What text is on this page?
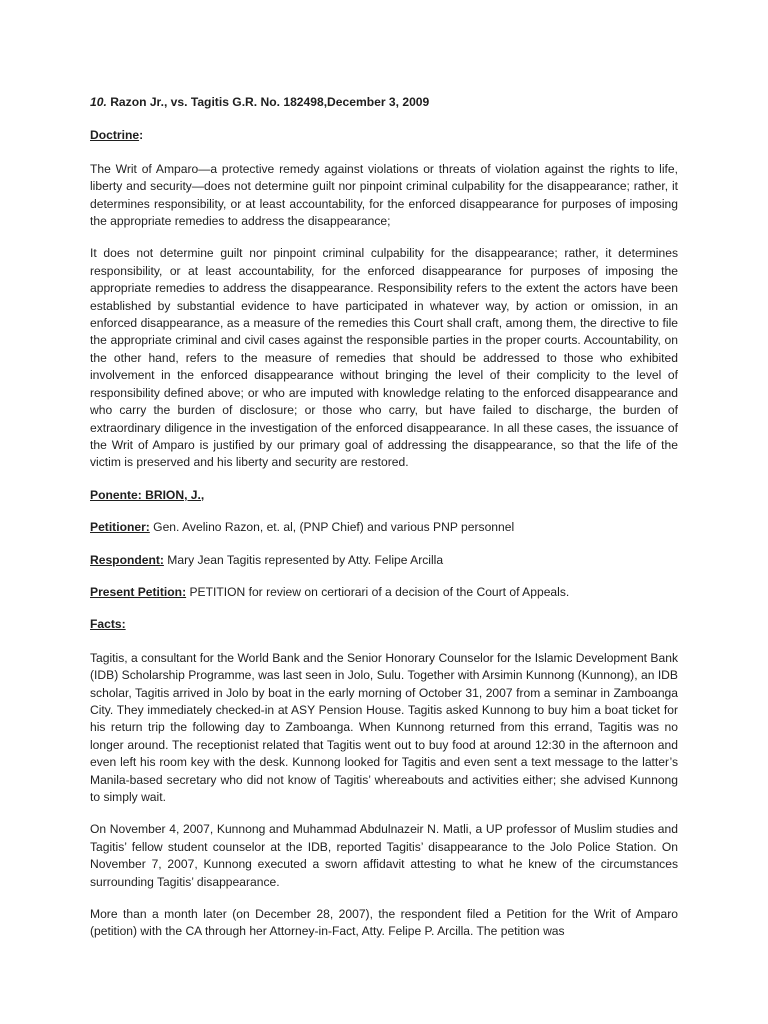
10. Razon Jr., vs. Tagitis G.R. No. 182498,December 3, 2009
Doctrine:

The Writ of Amparo—a protective remedy against violations or threats of violation against the rights to life, liberty and security—does not determine guilt nor pinpoint criminal culpability for the disappearance; rather, it determines responsibility, or at least accountability, for the enforced disappearance for purposes of imposing the appropriate remedies to address the disappearance;

It does not determine guilt nor pinpoint criminal culpability for the disappearance; rather, it determines responsibility, or at least accountability, for the enforced disappearance for purposes of imposing the appropriate remedies to address the disappearance. Responsibility refers to the extent the actors have been established by substantial evidence to have participated in whatever way, by action or omission, in an enforced disappearance, as a measure of the remedies this Court shall craft, among them, the directive to file the appropriate criminal and civil cases against the responsible parties in the proper courts. Accountability, on the other hand, refers to the measure of remedies that should be addressed to those who exhibited involvement in the enforced disappearance without bringing the level of their complicity to the level of responsibility defined above; or who are imputed with knowledge relating to the enforced disappearance and who carry the burden of disclosure; or those who carry, but have failed to discharge, the burden of extraordinary diligence in the investigation of the enforced disappearance. In all these cases, the issuance of the Writ of Amparo is justified by our primary goal of addressing the disappearance, so that the life of the victim is preserved and his liberty and security are restored.

Ponente: BRION, J.,
Petitioner: Gen. Avelino Razon, et. al, (PNP Chief) and various PNP personnel
Respondent: Mary Jean Tagitis represented by Atty. Felipe Arcilla
Present Petition: PETITION for review on certiorari of a decision of the Court of Appeals.
Facts:

Tagitis, a consultant for the World Bank and the Senior Honorary Counselor for the Islamic Development Bank (IDB) Scholarship Programme, was last seen in Jolo, Sulu. Together with Arsimin Kunnong (Kunnong), an IDB scholar, Tagitis arrived in Jolo by boat in the early morning of October 31, 2007 from a seminar in Zamboanga City. They immediately checked-in at ASY Pension House. Tagitis asked Kunnong to buy him a boat ticket for his return trip the following day to Zamboanga. When Kunnong returned from this errand, Tagitis was no longer around. The receptionist related that Tagitis went out to buy food at around 12:30 in the afternoon and even left his room key with the desk. Kunnong looked for Tagitis and even sent a text message to the latter’s Manila-based secretary who did not know of Tagitis’ whereabouts and activities either; she advised Kunnong to simply wait.

On November 4, 2007, Kunnong and Muhammad Abdulnazeir N. Matli, a UP professor of Muslim studies and Tagitis’ fellow student counselor at the IDB, reported Tagitis’ disappearance to the Jolo Police Station. On November 7, 2007, Kunnong executed a sworn affidavit attesting to what he knew of the circumstances surrounding Tagitis’ disappearance.

More than a month later (on December 28, 2007), the respondent filed a Petition for the Writ of Amparo (petition) with the CA through her Attorney-in-Fact, Atty. Felipe P. Arcilla. The petition was
